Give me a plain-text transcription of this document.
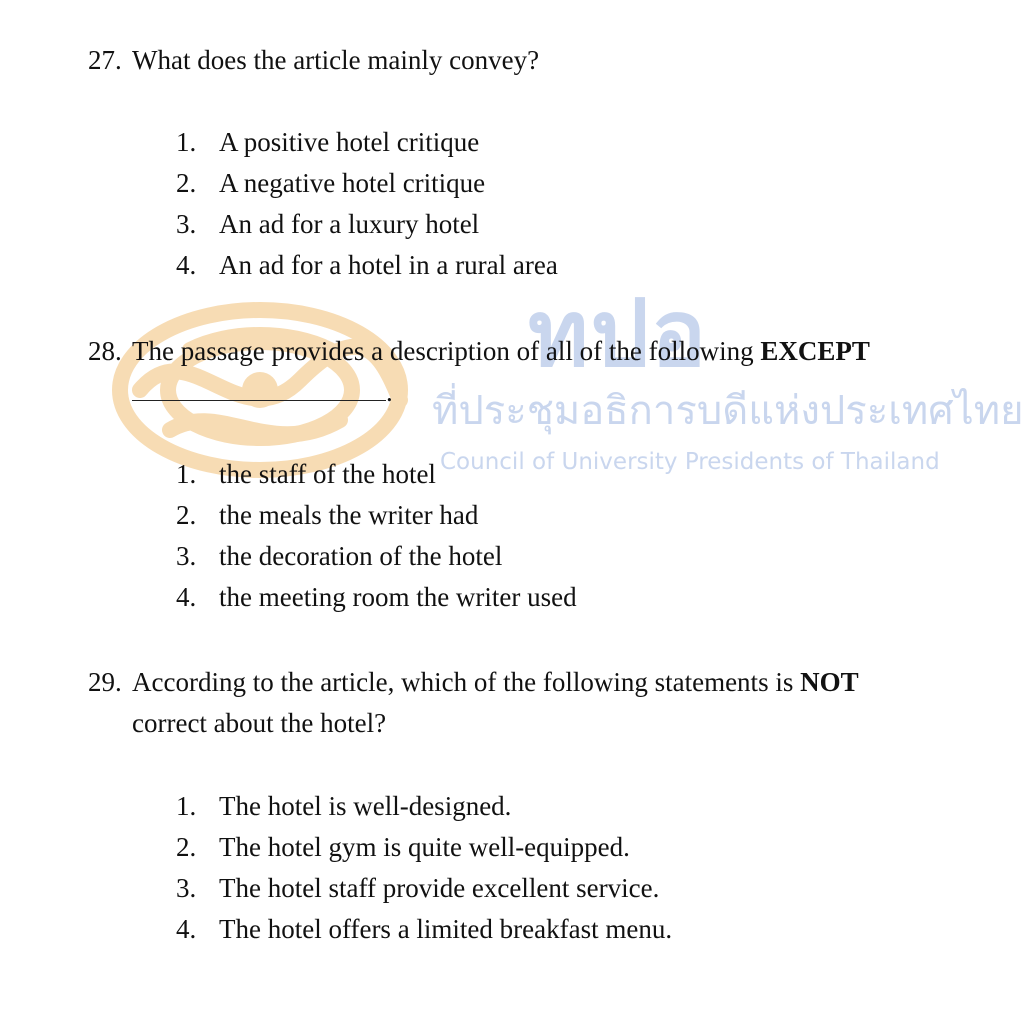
ทปอ
ที่ประชุมอธิการบดีแห่งประเทศไทย
Council of University Presidents of Thailand
27. What does the article mainly convey?
1. A positive hotel critique
2. A negative hotel critique
3. An ad for a luxury hotel
4. An ad for a hotel in a rural area
28. The passage provides a description of all of the following EXCEPT
.
1. the staff of the hotel
2. the meals the writer had
3. the decoration of the hotel
4. the meeting room the writer used
29. According to the article, which of the following statements is NOT
correct about the hotel?
1. The hotel is well-designed.
2. The hotel gym is quite well-equipped.
3. The hotel staff provide excellent service.
4. The hotel offers a limited breakfast menu.
